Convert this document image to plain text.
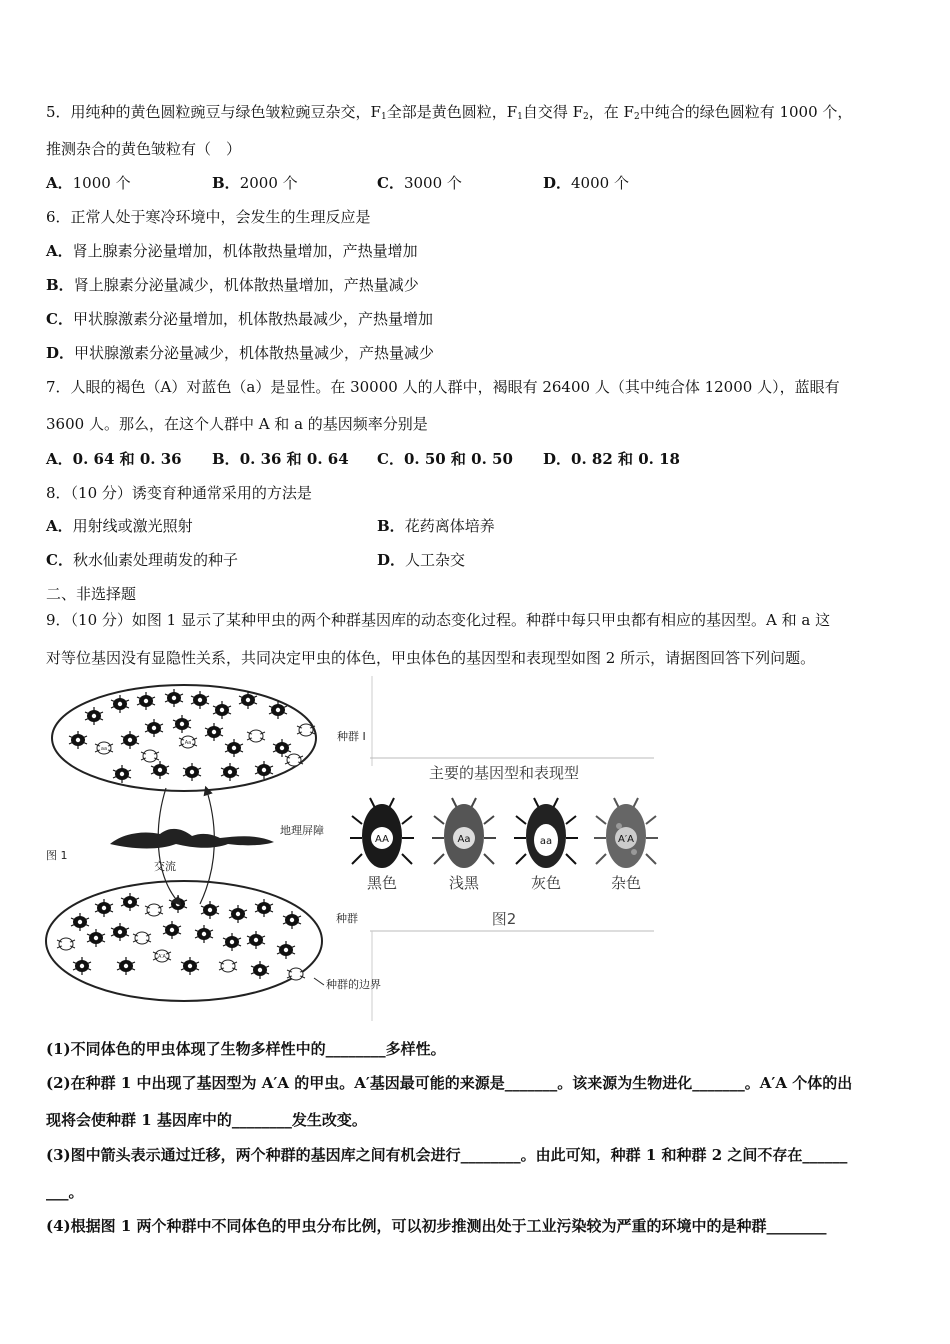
5．用纯种的黄色圆粒豌豆与绿色皱粒豌豆杂交，$F_1$全部是黄色圆粒，$F_1$自交得 $F_2$，在 $F_2$中纯合的绿色圆粒有 1000 个，
推测杂合的黄色皱粒有（　）
A．1000 个	B．2000 个	C．3000 个	D．4000 个
6．正常人处于寒冷环境中，会发生的生理反应是
A．肾上腺素分泌量增加，机体散热量增加，产热量增加
B．肾上腺素分泌量减少，机体散热量增加，产热量减少
C．甲状腺激素分泌量增加，机体散热最减少，产热量增加
D．甲状腺激素分泌量减少，机体散热量减少，产热量减少
7．人眼的褐色（A）对蓝色（a）是显性。在 30000 人的人群中，褐眼有 26400 人（其中纯合体 12000 人），蓝眼有
3600 人。那么，在这个人群中 A 和 a 的基因频率分别是
A．0. 64 和 0. 36 B．0. 36 和 0. 64 C．0. 50 和 0. 50 D．0. 82 和 0. 18
8．（10 分）诱变育种通常采用的方法是
A．用射线或激光照射	B．花药离体培养
C．秋水仙素处理萌发的种子	D．人工杂交
二、非选择题
9．（10 分）如图 1 显示了某种甲虫的两个种群基因库的动态变化过程。种群中每只甲虫都有相应的基因型。A 和 a 这
对等位基因没有显隐性关系，共同决定甲虫的体色，甲虫体色的基因型和表现型如图 2 所示，请据图回答下列问题。
种群 I
地理屏障
图 1
交流
种群
种群的边界
主要的基因型和表现型
AA
黑色
Aa
浅黑
aa
灰色
A′A
杂色
图2
Aa
aa
A′A
(1)不同体色的甲虫体现了生物多样性中的________多样性。
(2)在种群 1 中出现了基因型为 A′A 的甲虫。A′基因最可能的来源是_______。该来源为生物进化_______。A′A 个体的出
现将会使种群 1 基因库中的________发生改变。
(3)图中箭头表示通过迁移，两个种群的基因库之间有机会进行________。由此可知，种群 1 和种群 2 之间不存在______
___。
(4)根据图 1 两个种群中不同体色的甲虫分布比例，可以初步推测出处于工业污染较为严重的环境中的是种群________
